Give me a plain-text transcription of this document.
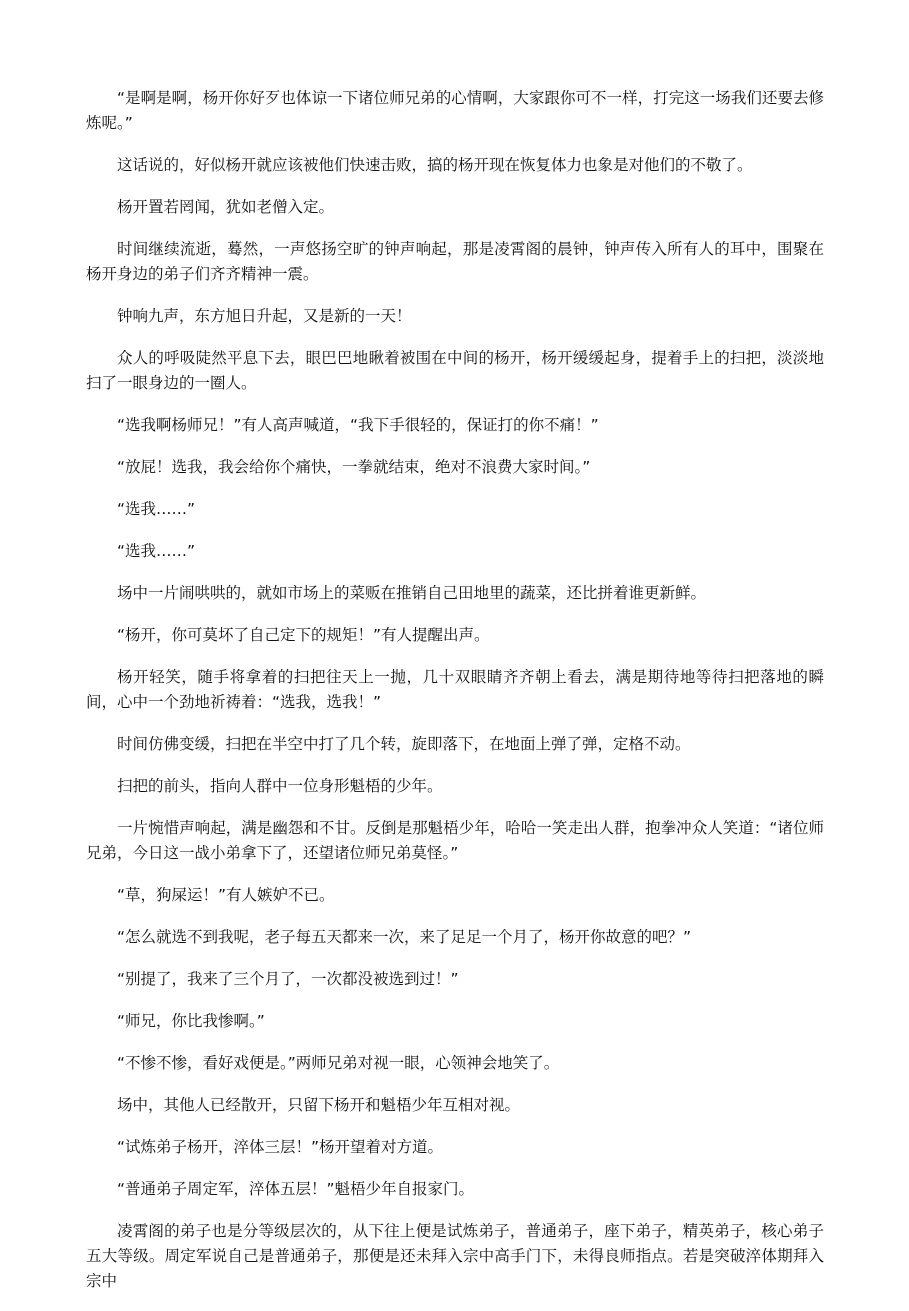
“是啊是啊，杨开你好歹也体谅一下诸位师兄弟的心情啊，大家跟你可不一样，打完这一场我们还要去修炼呢。”

这话说的，好似杨开就应该被他们快速击败，搞的杨开现在恢复体力也象是对他们的不敬了。

杨开置若罔闻，犹如老僧入定。

时间继续流逝，蓦然，一声悠扬空旷的钟声响起，那是凌霄阁的晨钟，钟声传入所有人的耳中，围聚在杨开身边的弟子们齐齐精神一震。

钟响九声，东方旭日升起，又是新的一天！

众人的呼吸陡然平息下去，眼巴巴地瞅着被围在中间的杨开，杨开缓缓起身，提着手上的扫把，淡淡地扫了一眼身边的一圈人。

“选我啊杨师兄！”有人高声喊道，“我下手很轻的，保证打的你不痛！”

“放屁！选我，我会给你个痛快，一拳就结束，绝对不浪费大家时间。”

“选我……”

“选我……”

场中一片闹哄哄的，就如市场上的菜贩在推销自己田地里的蔬菜，还比拼着谁更新鲜。

“杨开，你可莫坏了自己定下的规矩！”有人提醒出声。

杨开轻笑，随手将拿着的扫把往天上一抛，几十双眼睛齐齐朝上看去，满是期待地等待扫把落地的瞬间，心中一个劲地祈祷着：“选我，选我！”

时间仿佛变缓，扫把在半空中打了几个转，旋即落下，在地面上弹了弹，定格不动。

扫把的前头，指向人群中一位身形魁梧的少年。

一片惋惜声响起，满是幽怨和不甘。反倒是那魁梧少年，哈哈一笑走出人群，抱拳冲众人笑道：“诸位师兄弟，今日这一战小弟拿下了，还望诸位师兄弟莫怪。”

“草，狗屎运！”有人嫉妒不已。

“怎么就选不到我呢，老子每五天都来一次，来了足足一个月了，杨开你故意的吧？”

“别提了，我来了三个月了，一次都没被选到过！”

“师兄，你比我惨啊。”

“不惨不惨，看好戏便是。”两师兄弟对视一眼，心领神会地笑了。

场中，其他人已经散开，只留下杨开和魁梧少年互相对视。

“试炼弟子杨开，淬体三层！”杨开望着对方道。

“普通弟子周定军，淬体五层！”魁梧少年自报家门。

凌霄阁的弟子也是分等级层次的，从下往上便是试炼弟子，普通弟子，座下弟子，精英弟子，核心弟子五大等级。周定军说自己是普通弟子，那便是还未拜入宗中高手门下，未得良师指点。若是突破淬体期拜入宗中
